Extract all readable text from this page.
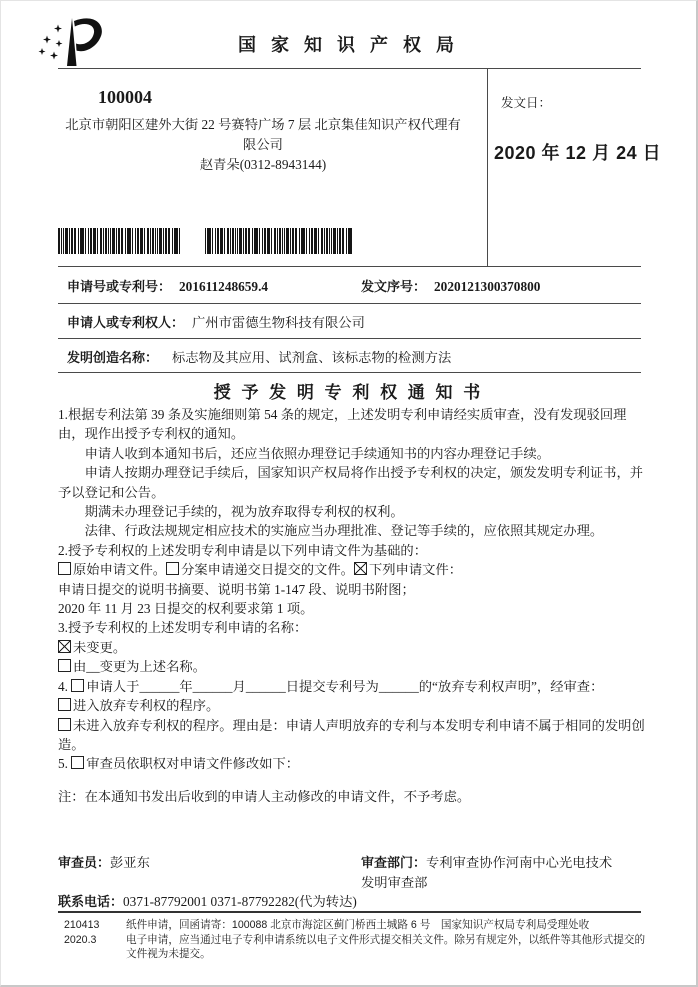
国 家 知 识 产 权 局
100004
北京市朝阳区建外大街 22 号赛特广场 7 层 北京集佳知识产权代理有
限公司
赵青朵(0312-8943144)
发文日：
2020 年 12 月 24 日
申请号或专利号： 201611248659.4	发文序号： 2020121300370800
申请人或专利权人： 广州市雷德生物科技有限公司
发明创造名称： 标志物及其应用、试剂盒、该标志物的检测方法
授 予 发 明 专 利 权 通 知 书

1.根据专利法第 39 条及实施细则第 54 条的规定，上述发明专利申请经实质审查，没有发现驳回理由，现作出授予专利权的通知。

申请人收到本通知书后，还应当依照办理登记手续通知书的内容办理登记手续。

申请人按期办理登记手续后，国家知识产权局将作出授予专利权的决定，颁发发明专利证书，并予以登记和公告。

期满未办理登记手续的，视为放弃取得专利权的权利。

法律、行政法规规定相应技术的实施应当办理批准、登记等手续的，应依照其规定办理。

2.授予专利权的上述发明专利申请是以下列申请文件为基础的：

原始申请文件。 分案申请递交日提交的文件。 下列申请文件：

申请日提交的说明书摘要、说明书第 1-147 段、说明书附图；

2020 年 11 月 23 日提交的权利要求第 1 项。

3.授予专利权的上述发明专利申请的名称：

未变更。

由__变更为上述名称。

4. 申请人于______年______月______日提交专利号为______的“放弃专利权声明”，经审查：

进入放弃专利权的程序。

未进入放弃专利权的程序。理由是：申请人声明放弃的专利与本发明专利申请不属于相同的发明创造。

5. 审查员依职权对申请文件修改如下：

注：在本通知书发出后收到的申请人主动修改的申请文件，不予考虑。

审查员：彭亚东	审查部门：专利审查协作河南中心光电技术
发明审查部
联系电话：0371-87792001 0371-87792282(代为转达)
210413	纸件申请，回函请寄：100088 北京市海淀区蓟门桥西土城路 6 号　国家知识产权局专利局受理处收
2020.3	电子申请，应当通过电子专利申请系统以电子文件形式提交相关文件。除另有规定外，以纸件等其他形式提交的文件视为未提交。
